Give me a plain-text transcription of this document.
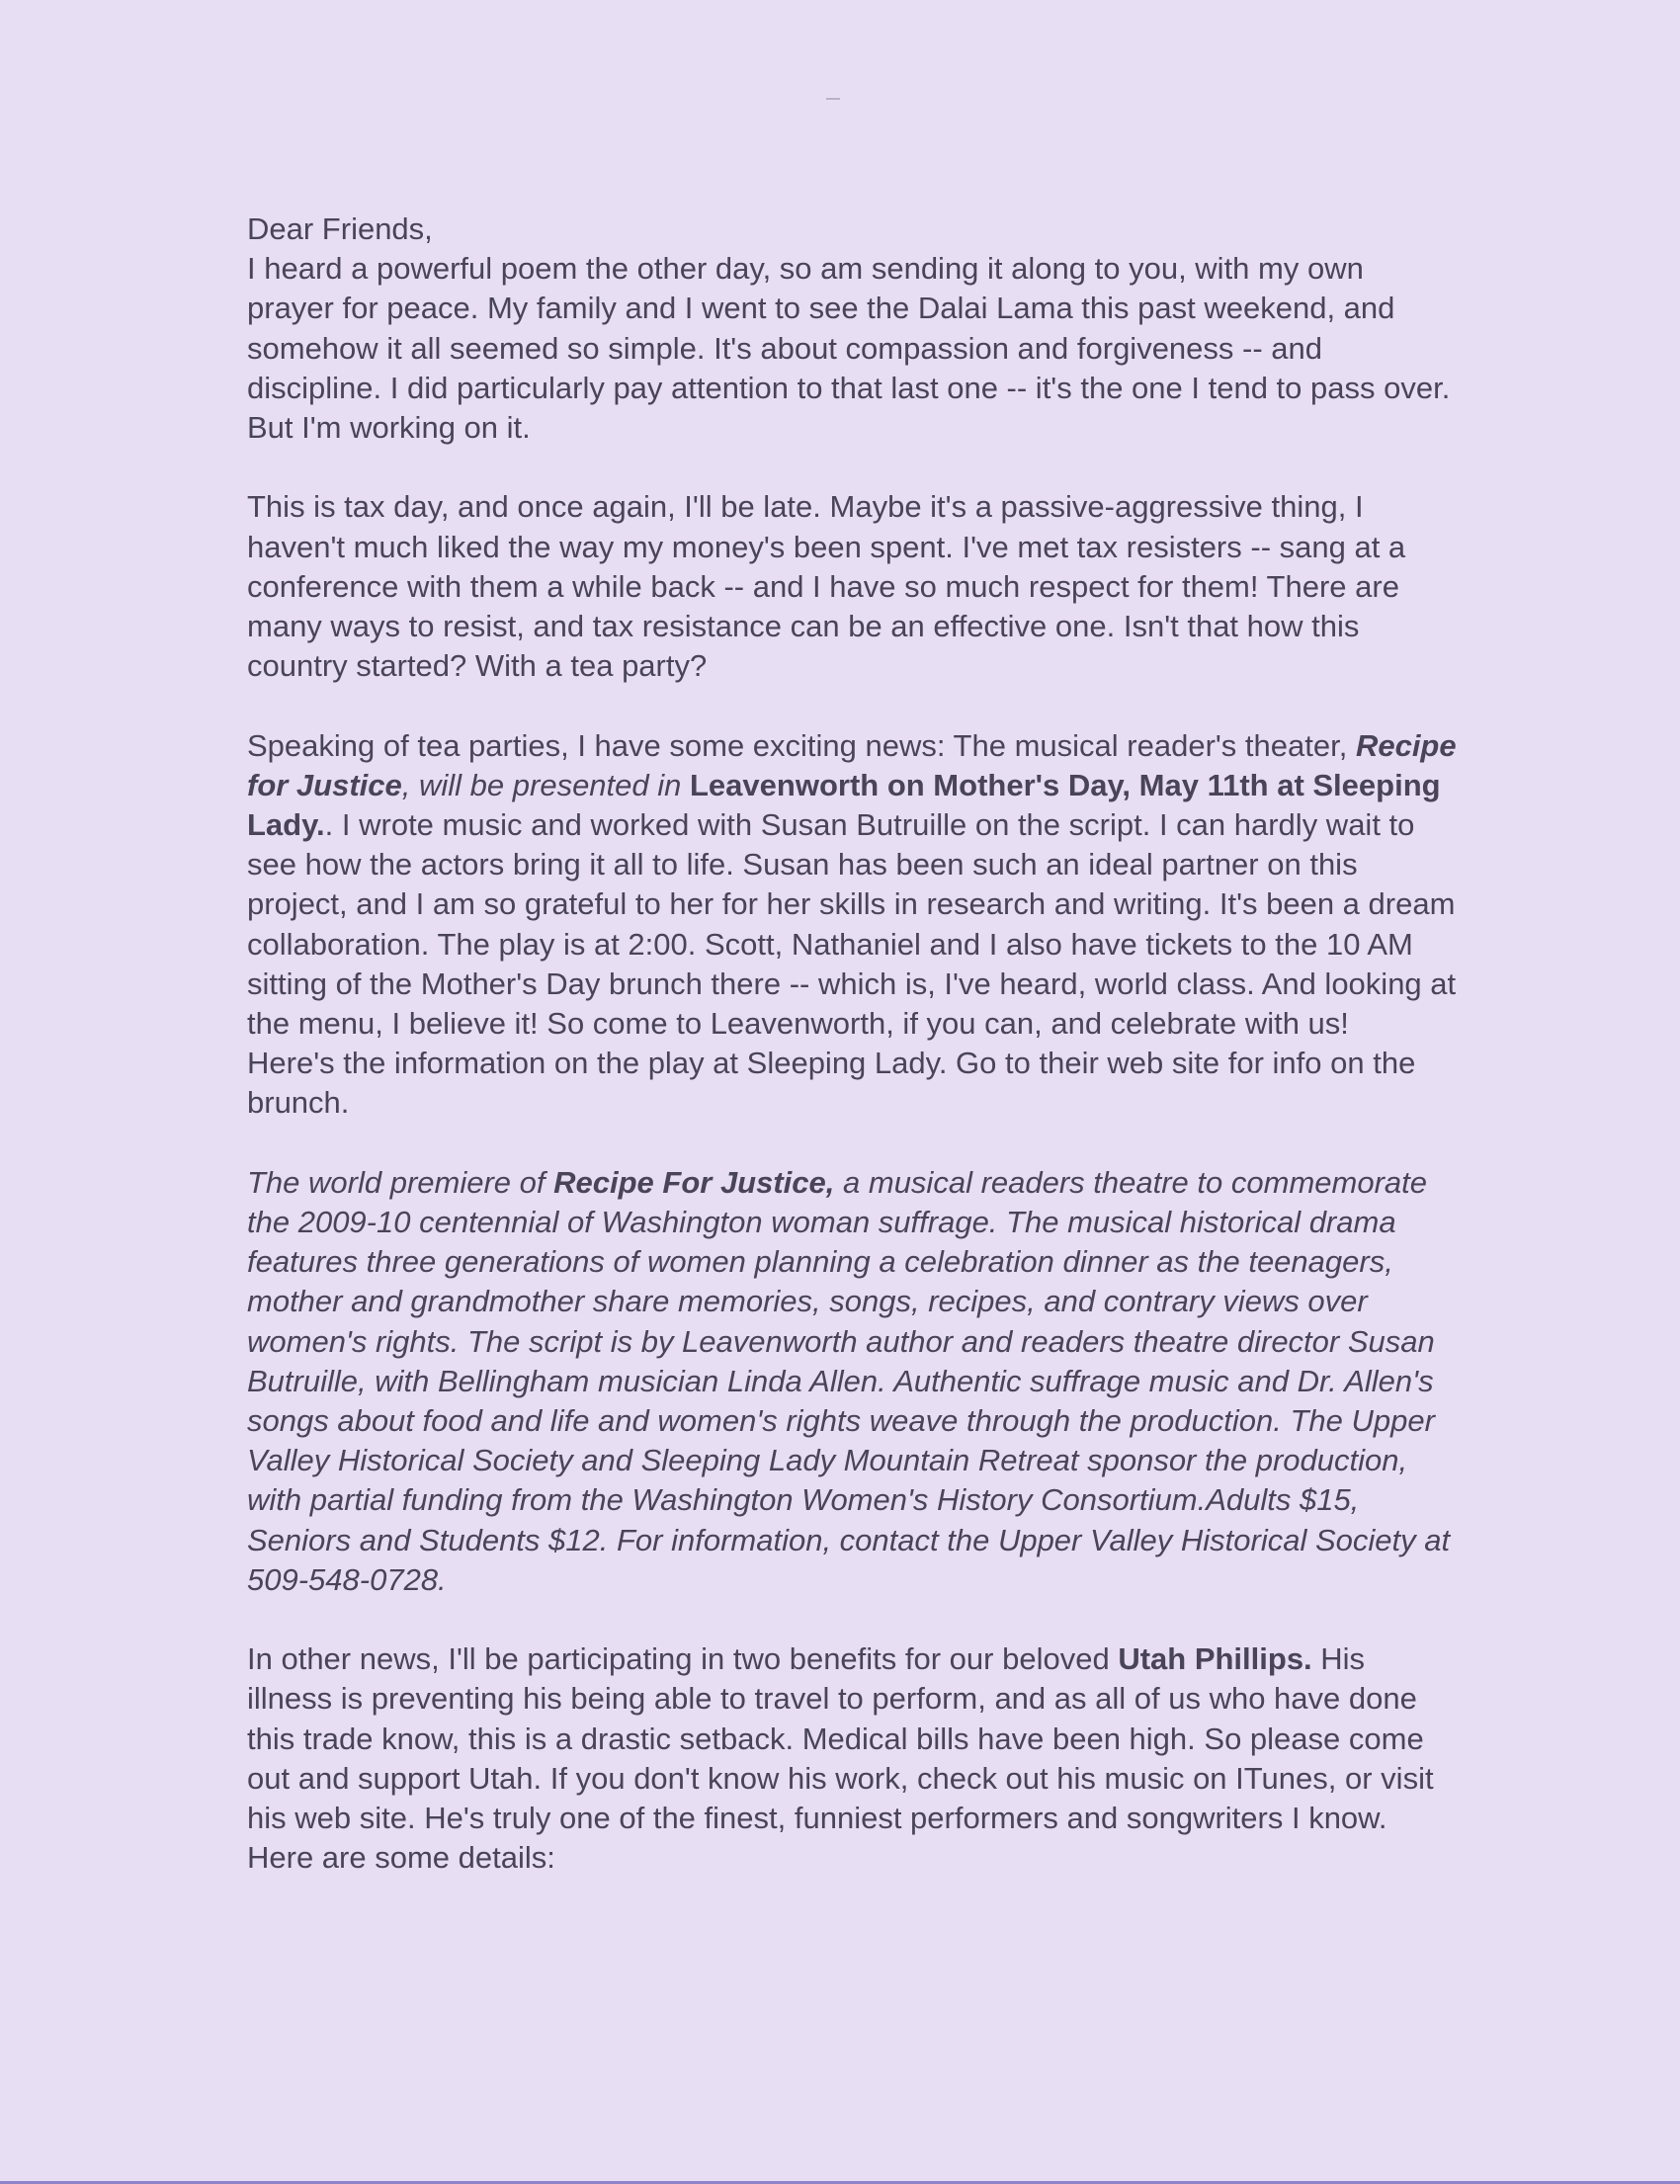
Dear Friends,

I heard a powerful poem the other day, so am sending it along to you, with my own prayer for peace. My family and I went to see the Dalai Lama this past weekend, and somehow it all seemed so simple. It's about compassion and forgiveness -- and discipline. I did particularly pay attention to that last one -- it's the one I tend to pass over. But I'm working on it.

This is tax day, and once again, I'll be late. Maybe it's a passive-aggressive thing, I haven't much liked the way my money's been spent. I've met tax resisters -- sang at a conference with them a while back -- and I have so much respect for them! There are many ways to resist, and tax resistance can be an effective one. Isn't that how this country started? With a tea party?

Speaking of tea parties, I have some exciting news: The musical reader's theater, Recipe for Justice, will be presented in Leavenworth on Mother's Day, May 11th at Sleeping Lady.. I wrote music and worked with Susan Butruille on the script. I can hardly wait to see how the actors bring it all to life. Susan has been such an ideal partner on this project, and I am so grateful to her for her skills in research and writing. It's been a dream collaboration. The play is at 2:00. Scott, Nathaniel and I also have tickets to the 10 AM sitting of the Mother's Day brunch there -- which is, I've heard, world class. And looking at the menu, I believe it! So come to Leavenworth, if you can, and celebrate with us!

Here's the information on the play at Sleeping Lady. Go to their web site for info on the brunch.

The world premiere of Recipe For Justice, a musical readers theatre to commemorate the 2009-10 centennial of Washington woman suffrage. The musical historical drama features three generations of women planning a celebration dinner as the teenagers, mother and grandmother share memories, songs, recipes, and contrary views over women's rights. The script is by Leavenworth author and readers theatre director Susan Butruille, with Bellingham musician Linda Allen. Authentic suffrage music and Dr. Allen's songs about food and life and women's rights weave through the production. The Upper Valley Historical Society and Sleeping Lady Mountain Retreat sponsor the production, with partial funding from the Washington Women's History Consortium.Adults $15, Seniors and Students $12. For information, contact the Upper Valley Historical Society at 509-548-0728.

In other news, I'll be participating in two benefits for our beloved Utah Phillips. His illness is preventing his being able to travel to perform, and as all of us who have done this trade know, this is a drastic setback. Medical bills have been high. So please come out and support Utah. If you don't know his work, check out his music on ITunes, or visit his web site. He's truly one of the finest, funniest performers and songwriters I know. Here are some details:
